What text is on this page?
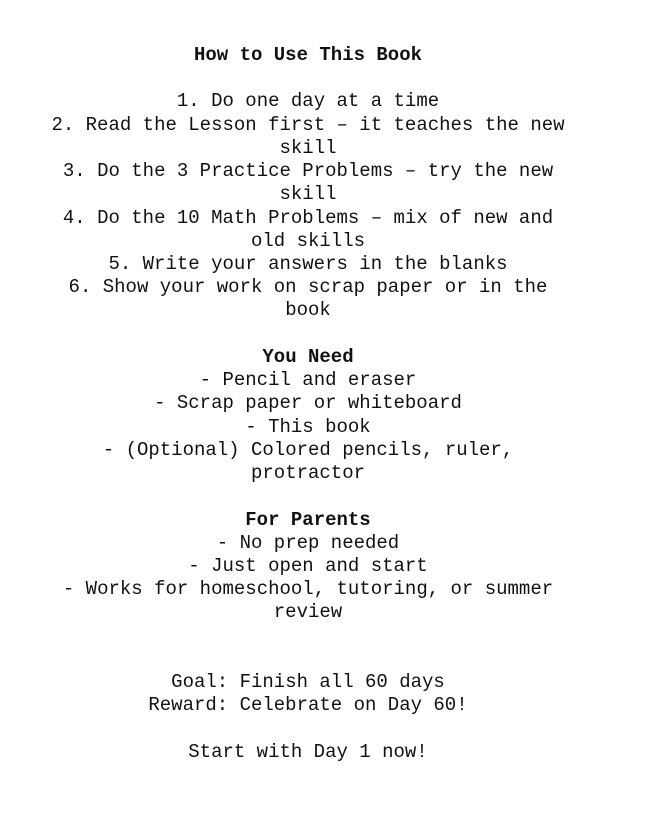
How to Use This Book
1. Do one day at a time
2. Read the Lesson first – it teaches the new
skill
3. Do the 3 Practice Problems – try the new
skill
4. Do the 10 Math Problems – mix of new and
old skills
5. Write your answers in the blanks
6. Show your work on scrap paper or in the
book
You Need
- Pencil and eraser
- Scrap paper or whiteboard
- This book
- (Optional) Colored pencils, ruler,
protractor
For Parents
- No prep needed
- Just open and start
- Works for homeschool, tutoring, or summer
review
Goal: Finish all 60 days
Reward: Celebrate on Day 60!
Start with Day 1 now!
